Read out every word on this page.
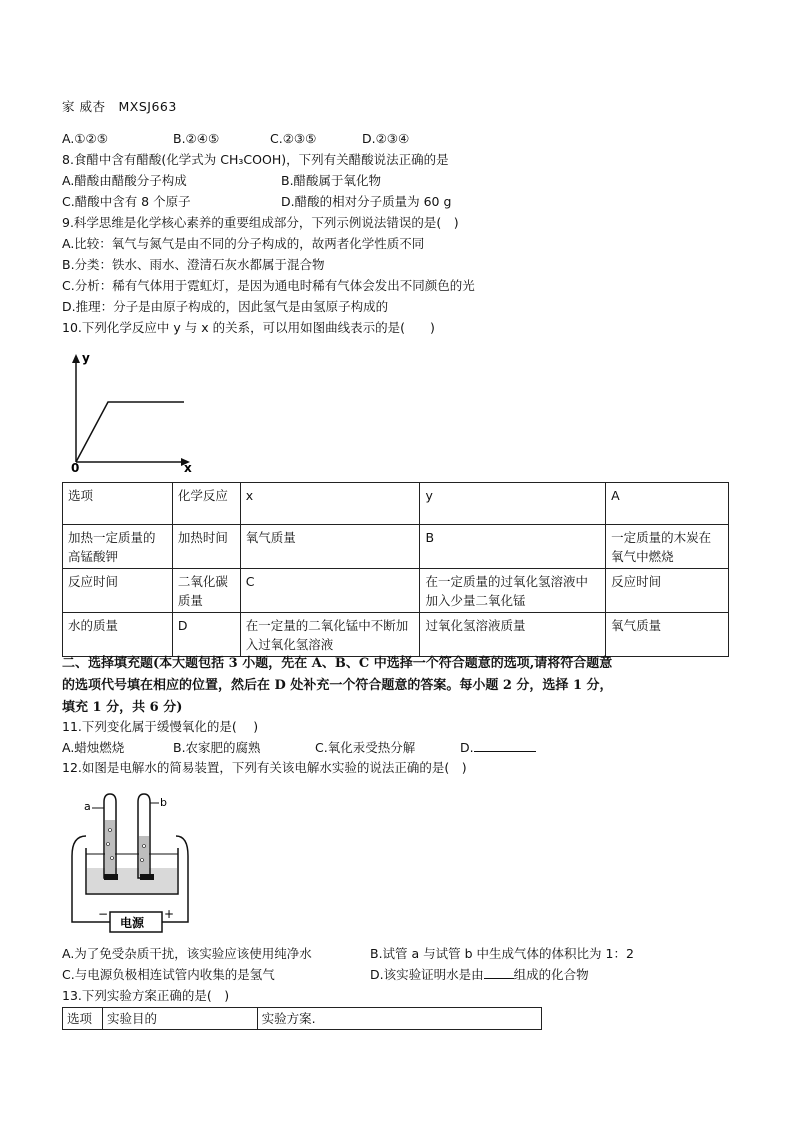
家 威杏　MXSJ663
A.①②⑤	B.②④⑤	C.②③⑤	D.②③④
8.食醋中含有醋酸(化学式为 CH₃COOH)，下列有关醋酸说法正确的是
A.醋酸由醋酸分子构成	B.醋酸属于氧化物
C.醋酸中含有 8 个原子	D.醋酸的相对分子质量为 60 g
9.科学思维是化学核心素养的重要组成部分，下列示例说法错误的是(　)
A.比较：氧气与氮气是由不同的分子构成的，故两者化学性质不同
B.分类：铁水、雨水、澄清石灰水都属于混合物
C.分析：稀有气体用于霓虹灯，是因为通电时稀有气体会发出不同颜色的光
D.推理：分子是由原子构成的，因此氢气是由氢原子构成的
10.下列化学反应中 y 与 x 的关系，可以用如图曲线表示的是(　　)
y
x
0
选项	化学反应	x	y	A
加热一定质量的高锰酸钾	加热时间	氧气质量	B	一定质量的木炭在氧气中燃烧
反应时间	二氧化碳质量	C	在一定质量的过氧化氢溶液中加入少量二氧化锰	反应时间
水的质量	D	在一定量的二氧化锰中不断加入过氧化氢溶液	过氧化氢溶液质量	氧气质量
二、选择填充题(本大题包括 3 小题，先在 A、B、C 中选择一个符合题意的选项,请将符合题意
的选项代号填在相应的位置，然后在 D 处补充一个符合题意的答案。每小题 2 分，选择 1 分，
填充 1 分，共 6 分)
11.下列变化属于缓慢氧化的是(　 )
A.蜡烛燃烧	B.农家肥的腐熟	C.氧化汞受热分解	D.
12.如图是电解水的简易装置，下列有关该电解水实验的说法正确的是(　)
a	b
电源
−	+
A.为了免受杂质干扰，该实验应该使用纯净水	B.试管 a 与试管 b 中生成气体的体积比为 1：2
C.与电源负极相连试管内收集的是氢气	D.该实验证明水是由 组成的化合物
13.下列实验方案正确的是(　)
选项	实验目的	实验方案.
